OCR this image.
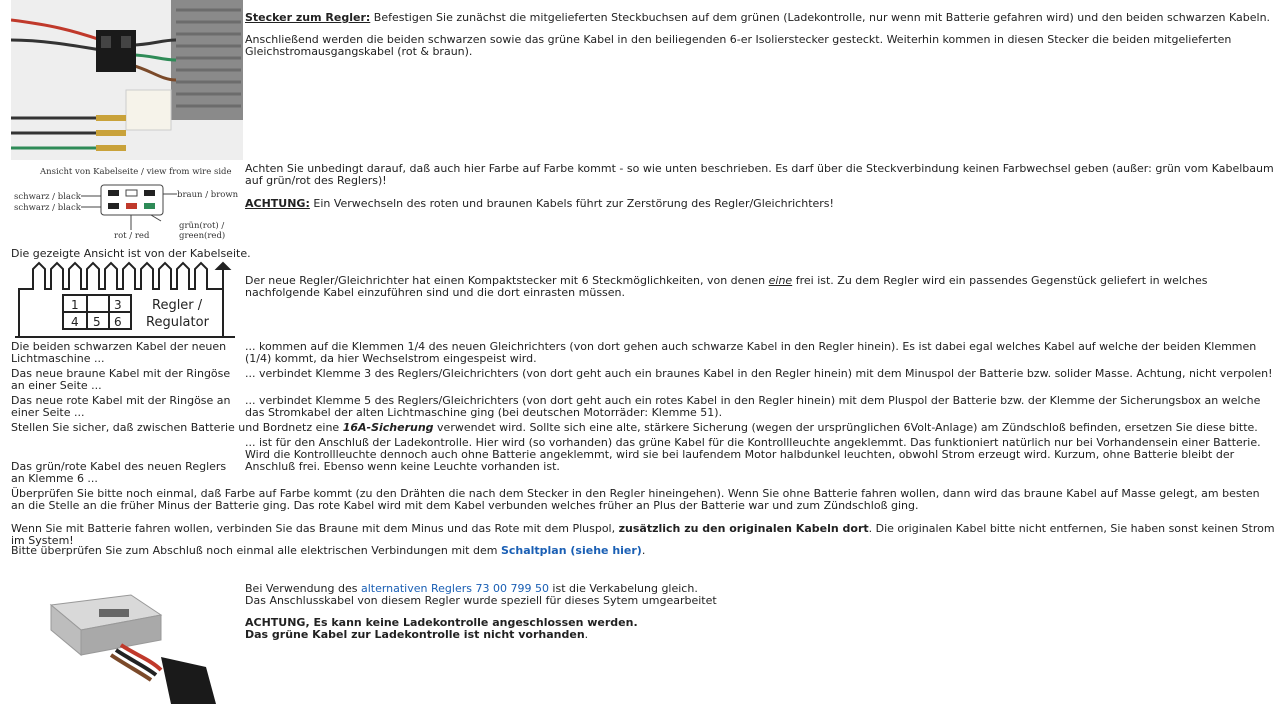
Stecker zum Regler: Befestigen Sie zunächst die mitgelieferten Steckbuchsen auf dem grünen (Ladekontrolle, nur wenn mit Batterie gefahren wird) und den beiden schwarzen Kabeln.

Anschließend werden die beiden schwarzen sowie das grüne Kabel in den beiliegenden 6-er Isolierstecker gesteckt. Weiterhin kommen in diesen Stecker die beiden mitgelieferten Gleichstromausgangskabel (rot & braun).

Ansicht von Kabelseite / view from wire side
schwarz / black
schwarz / black
braun / brown
rot / red
grün(rot) /
green(red)

Achten Sie unbedingt darauf, daß auch hier Farbe auf Farbe kommt - so wie unten beschrieben. Es darf über die Steckverbindung keinen Farbwechsel geben (außer: grün vom Kabelbaum auf grün/rot des Reglers)!

ACHTUNG: Ein Verwechseln des roten und braunen Kabels führt zur Zerstörung des Regler/Gleichrichters!

Die gezeigte Ansicht ist von der Kabelseite.

1	3
4 5 6
Regler /
Regulator

Der neue Regler/Gleichrichter hat einen Kompaktstecker mit 6 Steckmöglichkeiten, von denen eine frei ist. Zu dem Regler wird ein passendes Gegenstück geliefert in welches nachfolgende Kabel einzuführen sind und die dort einrasten müssen.

Die beiden schwarzen Kabel der neuen Lichtmaschine ...

... kommen auf die Klemmen 1/4 des neuen Gleichrichters (von dort gehen auch schwarze Kabel in den Regler hinein). Es ist dabei egal welches Kabel auf welche der beiden Klemmen (1/4) kommt, da hier Wechselstrom eingespeist wird.

Das neue braune Kabel mit der Ringöse an einer Seite ...

... verbindet Klemme 3 des Reglers/Gleichrichters (von dort geht auch ein braunes Kabel in den Regler hinein) mit dem Minuspol der Batterie bzw. solider Masse. Achtung, nicht verpolen!

Das neue rote Kabel mit der Ringöse an einer Seite ...

... verbindet Klemme 5 des Reglers/Gleichrichters (von dort geht auch ein rotes Kabel in den Regler hinein) mit dem Pluspol der Batterie bzw. der Klemme der Sicherungsbox an welche das Stromkabel der alten Lichtmaschine ging (bei deutschen Motorräder: Klemme 51).

Stellen Sie sicher, daß zwischen Batterie und Bordnetz eine 16A-Sicherung verwendet wird. Sollte sich eine alte, stärkere Sicherung (wegen der ursprünglichen 6Volt-Anlage) am Zündschloß befinden, ersetzen Sie diese bitte.

Das grün/rote Kabel des neuen Reglers an Klemme 6 ...

... ist für den Anschluß der Ladekontrolle. Hier wird (so vorhanden) das grüne Kabel für die Kontrollleuchte angeklemmt. Das funktioniert natürlich nur bei Vorhandensein einer Batterie. Wird die Kontrollleuchte dennoch auch ohne Batterie angeklemmt, wird sie bei laufendem Motor halbdunkel leuchten, obwohl Strom erzeugt wird. Kurzum, ohne Batterie bleibt der Anschluß frei. Ebenso wenn keine Leuchte vorhanden ist.

Überprüfen Sie bitte noch einmal, daß Farbe auf Farbe kommt (zu den Drähten die nach dem Stecker in den Regler hineingehen). Wenn Sie ohne Batterie fahren wollen, dann wird das braune Kabel auf Masse gelegt, am besten an die Stelle an die früher Minus der Batterie ging. Das rote Kabel wird mit dem Kabel verbunden welches früher an Plus der Batterie war und zum Zündschloß ging.

Wenn Sie mit Batterie fahren wollen, verbinden Sie das Braune mit dem Minus und das Rote mit dem Pluspol, zusätzlich zu den originalen Kabeln dort. Die originalen Kabel bitte nicht entfernen, Sie haben sonst keinen Strom im System!

Bitte überprüfen Sie zum Abschluß noch einmal alle elektrischen Verbindungen mit dem Schaltplan (siehe hier).

Bei Verwendung des alternativen Reglers 73 00 799 50 ist die Verkabelung gleich.

Das Anschlusskabel von diesem Regler wurde speziell für dieses Sytem umgearbeitet

ACHTUNG, Es kann keine Ladekontrolle angeschlossen werden.

Das grüne Kabel zur Ladekontrolle ist nicht vorhanden.
